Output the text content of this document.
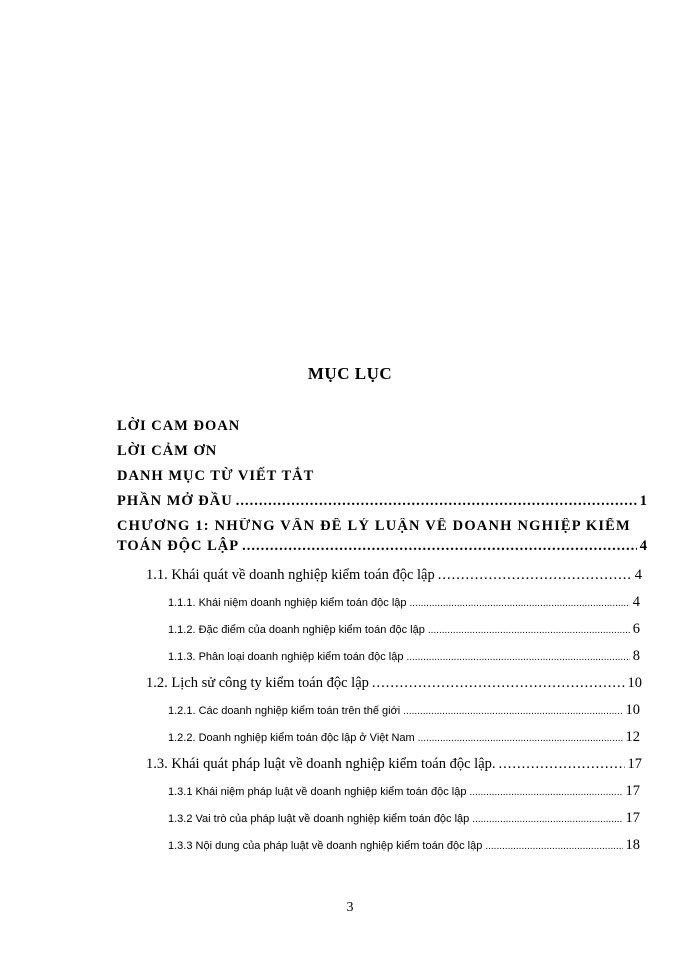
MỤC LỤC
LỜI CAM ĐOAN
LỜI CẢM ƠN
DANH MỤC TỪ VIẾT TẮT
PHẦN MỞ ĐẦU .....	1
CHƯƠNG 1: NHỮNG VẤN ĐỀ LÝ LUẬN VỀ DOANH NGHIỆP KIỂM
TOÁN ĐỘC LẬP .....	4
1.1. Khái quát về doanh nghiệp kiểm toán độc lập .....	4
1.1.1. Khái niệm doanh nghiệp kiểm toán độc lập .....	4
1.1.2. Đặc điểm của doanh nghiệp kiểm toán độc lập .....	6
1.1.3. Phân loại doanh nghiệp kiểm toán độc lập .....	8
1.2. Lịch sử công ty kiểm toán độc lập .....	10
1.2.1. Các doanh nghiệp kiểm toán trên thế giới .....	10
1.2.2. Doanh nghiệp kiểm toán độc lập ở Việt Nam .....	12
1.3. Khái quát pháp luật về doanh nghiệp kiểm toán độc lập. .....	17
1.3.1 Khái niệm pháp luật về doanh nghiệp kiểm toán độc lập .....	17
1.3.2 Vai trò của pháp luật về doanh nghiệp kiểm toán độc lập .....	17
1.3.3 Nội dung của pháp luật về doanh nghiệp kiểm toán độc lập .....	18
3
